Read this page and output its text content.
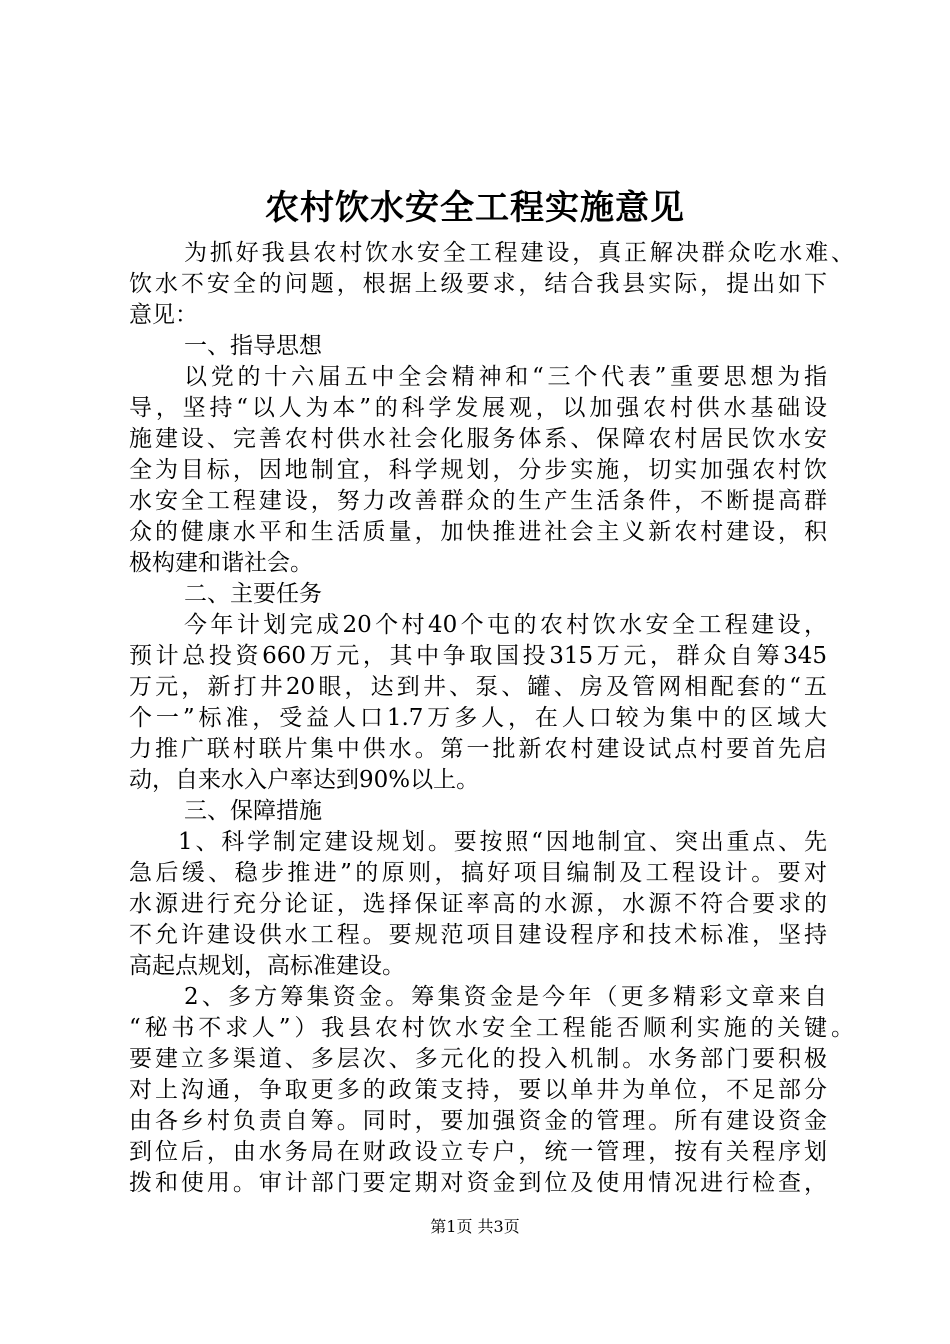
农村饮水安全工程实施意见

为抓好我县农村饮水安全工程建设，真正解决群众吃水难、

饮水不安全的问题，根据上级要求，结合我县实际，提出如下

意见：

一、指导思想

以党的十六届五中全会精神和“三个代表”重要思想为指

导，坚持“以人为本”的科学发展观，以加强农村供水基础设

施建设、完善农村供水社会化服务体系、保障农村居民饮水安

全为目标，因地制宜，科学规划，分步实施，切实加强农村饮

水安全工程建设，努力改善群众的生产生活条件，不断提高群

众的健康水平和生活质量，加快推进社会主义新农村建设，积

极构建和谐社会。

二、主要任务

今年计划完成20个村40个屯的农村饮水安全工程建设，

预计总投资660万元，其中争取国投315万元，群众自筹345

万元，新打井20眼，达到井、泵、罐、房及管网相配套的“五

个一”标准，受益人口1.7万多人，在人口较为集中的区域大

力推广联村联片集中供水。第一批新农村建设试点村要首先启

动，自来水入户率达到90%以上。

三、保障措施

1、科学制定建设规划。要按照“因地制宜、突出重点、先

急后缓、稳步推进”的原则，搞好项目编制及工程设计。要对

水源进行充分论证，选择保证率高的水源，水源不符合要求的

不允许建设供水工程。要规范项目建设程序和技术标准，坚持

高起点规划，高标准建设。

2、多方筹集资金。筹集资金是今年（更多精彩文章来自

“秘书不求人”）我县农村饮水安全工程能否顺利实施的关键。

要建立多渠道、多层次、多元化的投入机制。水务部门要积极

对上沟通，争取更多的政策支持，要以单井为单位，不足部分

由各乡村负责自筹。同时，要加强资金的管理。所有建设资金

到位后，由水务局在财政设立专户，统一管理，按有关程序划

拨和使用。审计部门要定期对资金到位及使用情况进行检查，

第1页 共3页
